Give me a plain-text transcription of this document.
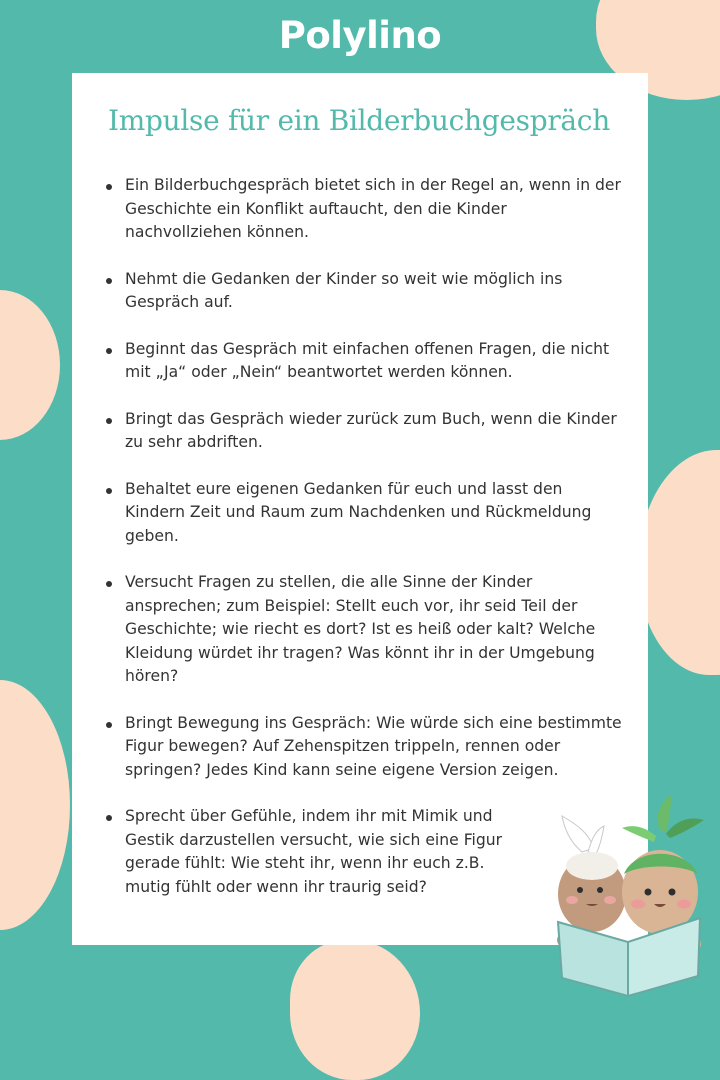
Polylino
Impulse für ein Bilderbuchgespräch
Ein Bilderbuchgespräch bietet sich in der Regel an, wenn in der Geschichte ein Konflikt auftaucht, den die Kinder nachvollziehen können.
Nehmt die Gedanken der Kinder so weit wie möglich ins Gespräch auf.
Beginnt das Gespräch mit einfachen offenen Fragen, die nicht mit „Ja“ oder „Nein“ beantwortet werden können.
Bringt das Gespräch wieder zurück zum Buch, wenn die Kinder zu sehr abdriften.
Behaltet eure eigenen Gedanken für euch und lasst den Kindern Zeit und Raum zum Nachdenken und Rückmeldung geben.
Versucht Fragen zu stellen, die alle Sinne der Kinder ansprechen; zum Beispiel: Stellt euch vor, ihr seid Teil der Geschichte; wie riecht es dort? Ist es heiß oder kalt? Welche Kleidung würdet ihr tragen? Was könnt ihr in der Umgebung hören?
Bringt Bewegung ins Gespräch: Wie würde sich eine bestimmte Figur bewegen? Auf Zehenspitzen trippeln, rennen oder springen? Jedes Kind kann seine eigene Version zeigen.
Sprecht über Gefühle, indem ihr mit Mimik und Gestik darzustellen versucht, wie sich eine Figur gerade fühlt: Wie steht ihr, wenn ihr euch z.B. mutig fühlt oder wenn ihr traurig seid?
